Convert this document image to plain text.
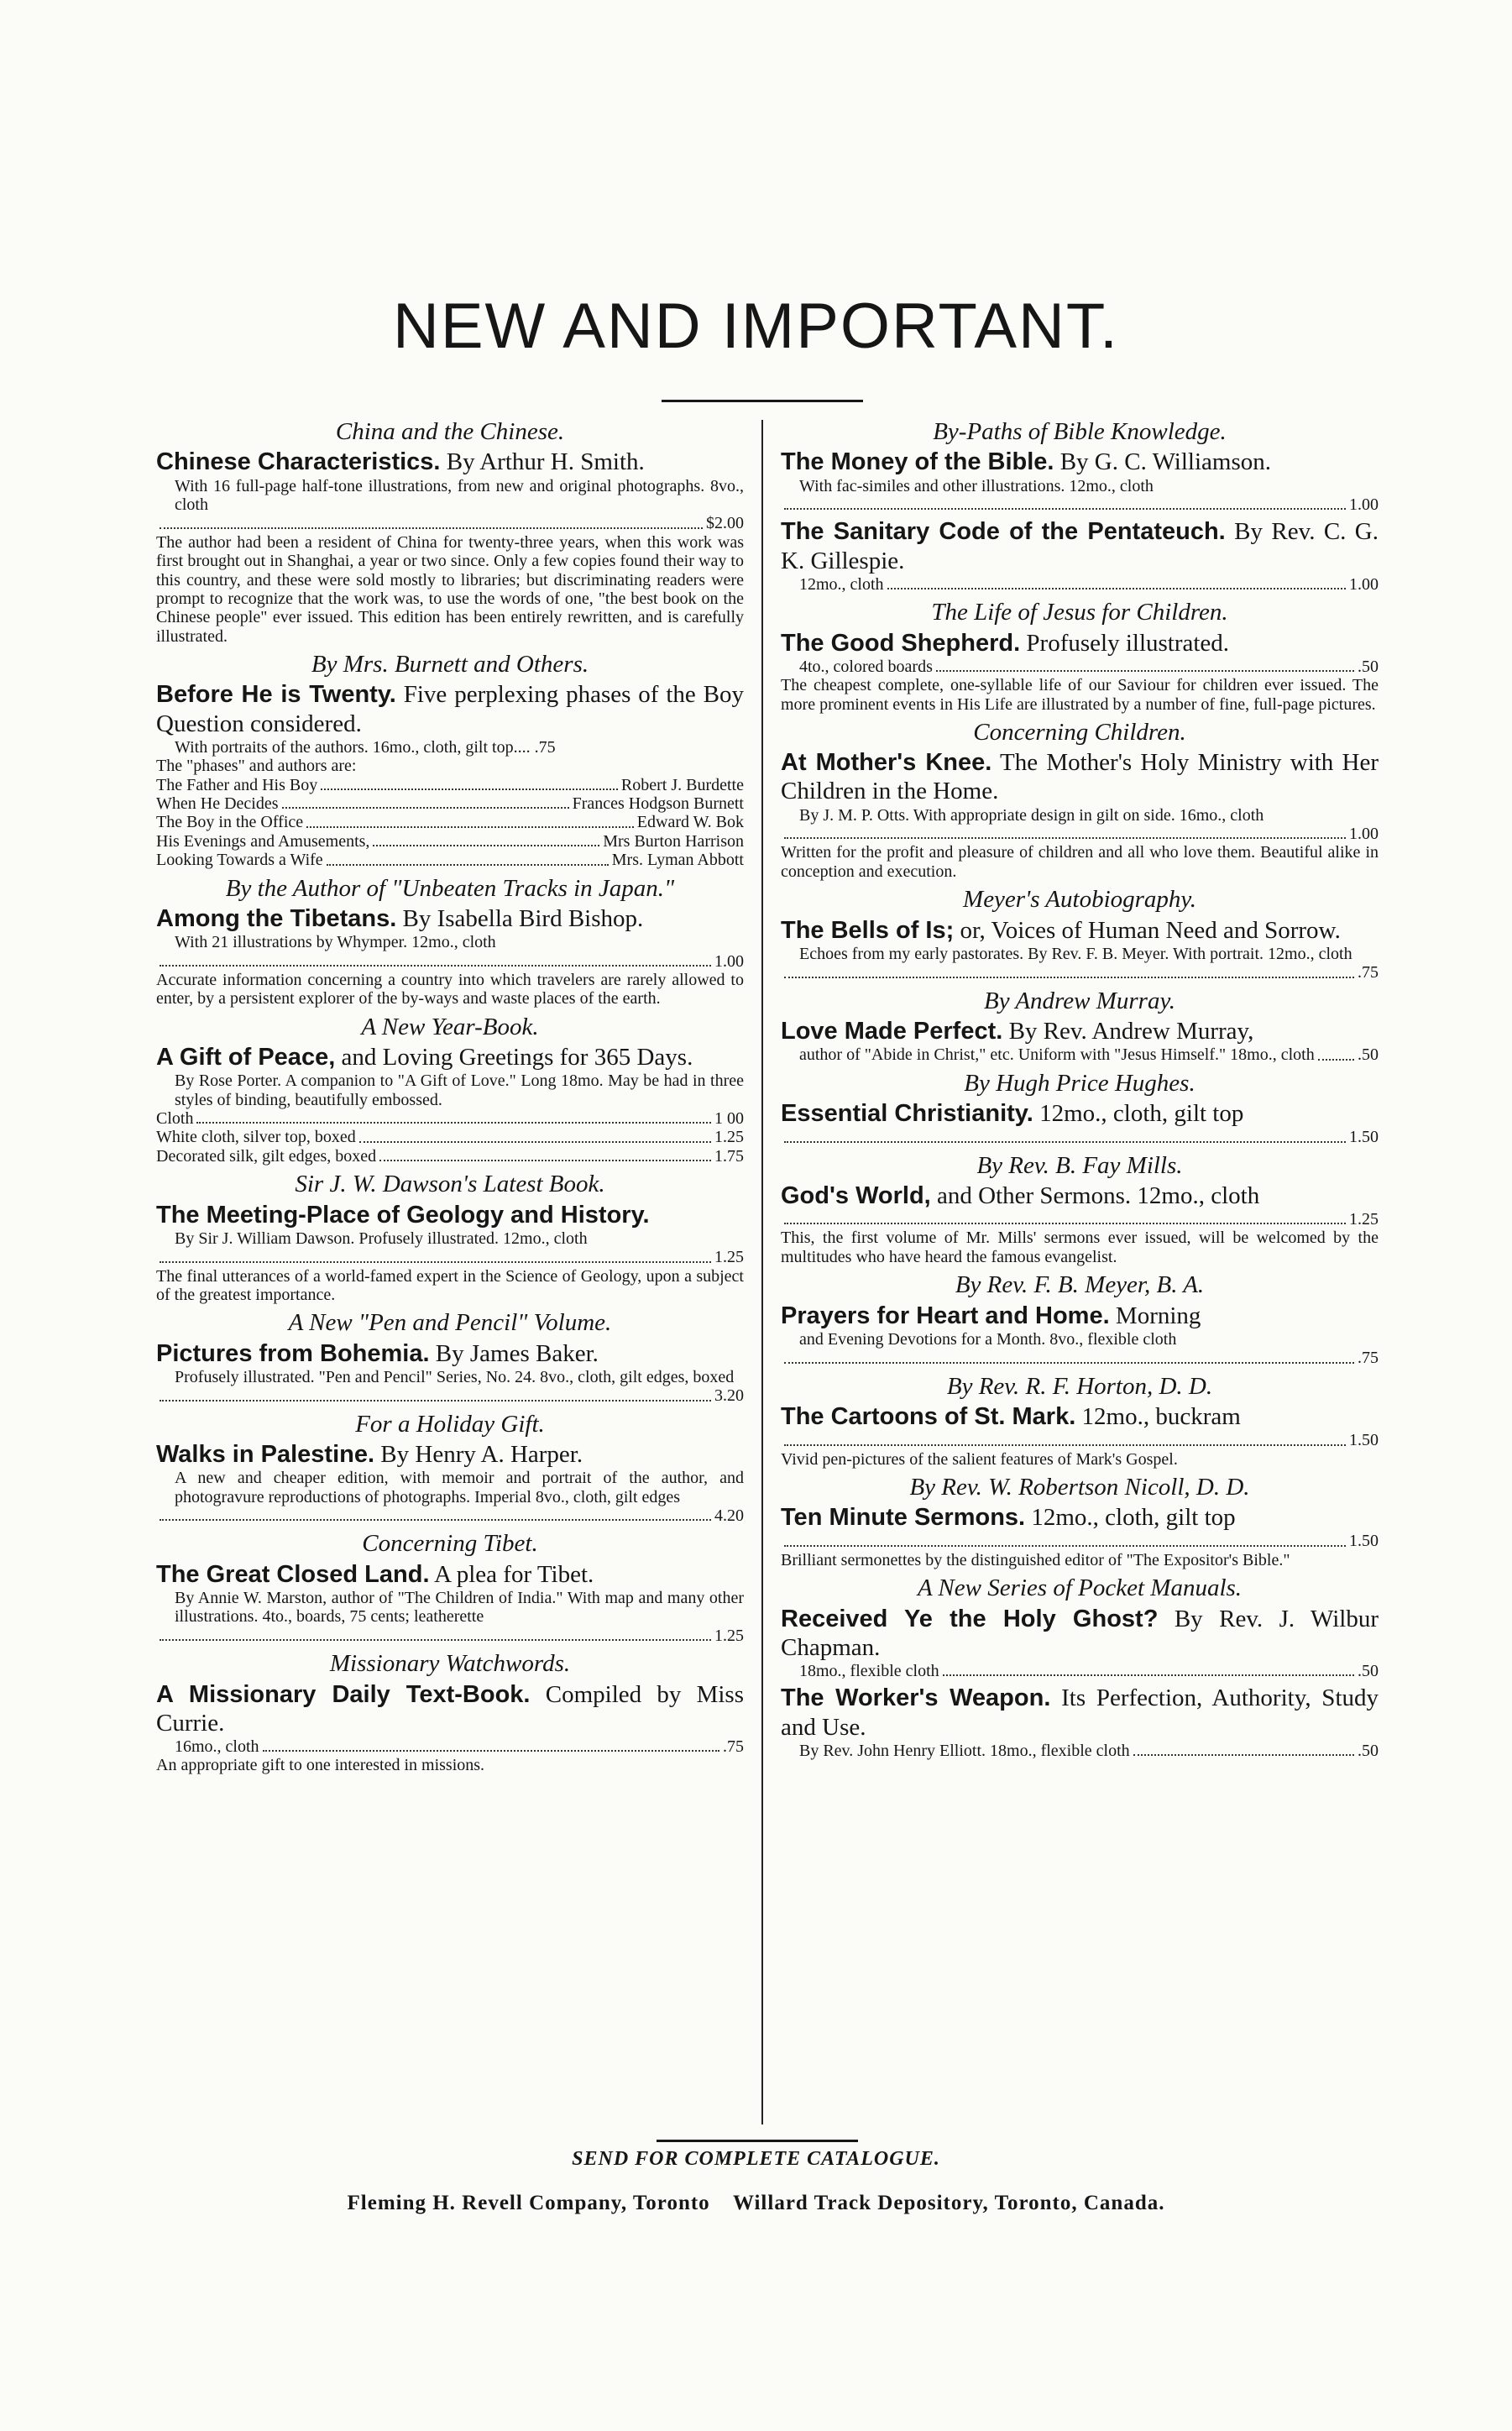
NEW AND IMPORTANT.
China and the Chinese.
Chinese Characteristics. By Arthur H. Smith.
With 16 full-page half-tone illustrations, from new and original photographs. 8vo., cloth
$2.00
The author had been a resident of China for twenty-three years, when this work was first brought out in Shanghai, a year or two since. Only a few copies found their way to this country, and these were sold mostly to libraries; but discriminating readers were prompt to recognize that the work was, to use the words of one, "the best book on the Chinese people" ever issued. This edition has been entirely rewritten, and is carefully illustrated.
By Mrs. Burnett and Others.
Before He is Twenty. Five perplexing phases of the Boy Question considered.
With portraits of the authors. 16mo., cloth, gilt top.... .75
The "phases" and authors are:
The Father and His Boy	Robert J. Burdette
When He Decides	Frances Hodgson Burnett
The Boy in the Office	Edward W. Bok
His Evenings and Amusements,	Mrs Burton Harrison
Looking Towards a Wife	Mrs. Lyman Abbott
By the Author of "Unbeaten Tracks in Japan."
Among the Tibetans. By Isabella Bird Bishop.
With 21 illustrations by Whymper. 12mo., cloth
1.00
Accurate information concerning a country into which travelers are rarely allowed to enter, by a persistent explorer of the by-ways and waste places of the earth.
A New Year-Book.
A Gift of Peace, and Loving Greetings for 365 Days.
By Rose Porter. A companion to "A Gift of Love." Long 18mo. May be had in three styles of binding, beautifully embossed.
Cloth	1 00
White cloth, silver top, boxed	1.25
Decorated silk, gilt edges, boxed	1.75
Sir J. W. Dawson's Latest Book.
The Meeting-Place of Geology and History.
By Sir J. William Dawson. Profusely illustrated. 12mo., cloth
1.25
The final utterances of a world-famed expert in the Science of Geology, upon a subject of the greatest importance.
A New "Pen and Pencil" Volume.
Pictures from Bohemia. By James Baker.
Profusely illustrated. "Pen and Pencil" Series, No. 24. 8vo., cloth, gilt edges, boxed
3.20
For a Holiday Gift.
Walks in Palestine. By Henry A. Harper.
A new and cheaper edition, with memoir and portrait of the author, and photogravure reproductions of photographs. Imperial 8vo., cloth, gilt edges
4.20
Concerning Tibet.
The Great Closed Land. A plea for Tibet.
By Annie W. Marston, author of "The Children of India." With map and many other illustrations. 4to., boards, 75 cents; leatherette
1.25
Missionary Watchwords.
A Missionary Daily Text-Book. Compiled by Miss Currie.
16mo., cloth	.75
An appropriate gift to one interested in missions.
By-Paths of Bible Knowledge.
The Money of the Bible. By G. C. Williamson.
With fac-similes and other illustrations. 12mo., cloth
1.00
The Sanitary Code of the Pentateuch. By Rev. C. G. K. Gillespie.
12mo., cloth	1.00
The Life of Jesus for Children.
The Good Shepherd. Profusely illustrated.
4to., colored boards	.50
The cheapest complete, one-syllable life of our Saviour for children ever issued. The more prominent events in His Life are illustrated by a number of fine, full-page pictures.
Concerning Children.
At Mother's Knee. The Mother's Holy Ministry with Her Children in the Home.
By J. M. P. Otts. With appropriate design in gilt on side. 16mo., cloth
1.00
Written for the profit and pleasure of children and all who love them. Beautiful alike in conception and execution.
Meyer's Autobiography.
The Bells of Is; or, Voices of Human Need and Sorrow.
Echoes from my early pastorates. By Rev. F. B. Meyer. With portrait. 12mo., cloth
.75
By Andrew Murray.
Love Made Perfect. By Rev. Andrew Murray,
author of "Abide in Christ," etc. Uniform with "Jesus Himself." 18mo., cloth	.50
By Hugh Price Hughes.
Essential Christianity. 12mo., cloth, gilt top
1.50
By Rev. B. Fay Mills.
God's World, and Other Sermons. 12mo., cloth
1.25
This, the first volume of Mr. Mills' sermons ever issued, will be welcomed by the multitudes who have heard the famous evangelist.
By Rev. F. B. Meyer, B. A.
Prayers for Heart and Home. Morning
and Evening Devotions for a Month. 8vo., flexible cloth
.75
By Rev. R. F. Horton, D. D.
The Cartoons of St. Mark. 12mo., buckram
1.50
Vivid pen-pictures of the salient features of Mark's Gospel.
By Rev. W. Robertson Nicoll, D. D.
Ten Minute Sermons. 12mo., cloth, gilt top
1.50
Brilliant sermonettes by the distinguished editor of "The Expositor's Bible."
A New Series of Pocket Manuals.
Received Ye the Holy Ghost? By Rev. J. Wilbur Chapman.
18mo., flexible cloth	.50
The Worker's Weapon. Its Perfection, Authority, Study and Use.
By Rev. John Henry Elliott. 18mo., flexible cloth	.50
SEND FOR COMPLETE CATALOGUE.
Fleming H. Revell Company, Toronto Willard Track Depository, Toronto, Canada.
